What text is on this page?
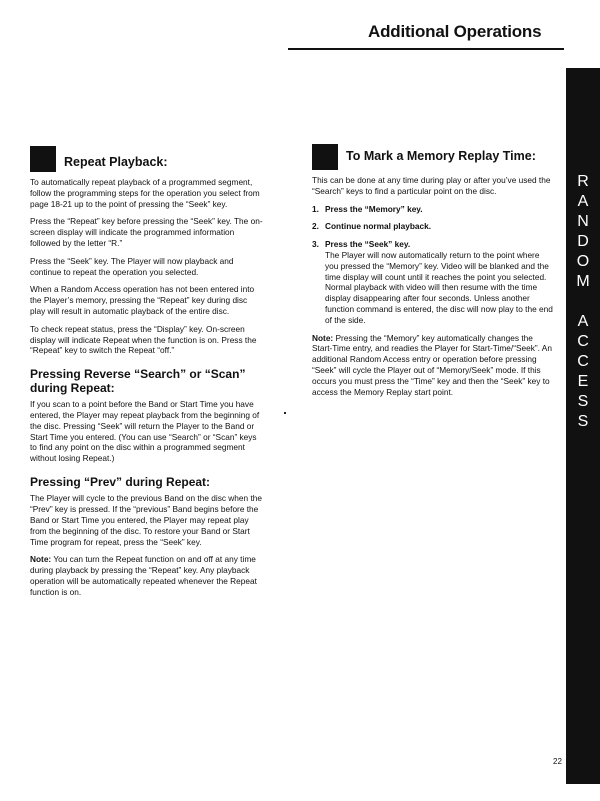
Additional Operations
R
A
N
D
O
M
A
C
C
E
S
S
Repeat Playback:

To automatically repeat playback of a programmed segment, follow the programming steps for the operation you select from page 18-21 up to the point of pressing the “Seek” key.

Press the “Repeat” key before pressing the “Seek” key. The on-screen display will indicate the programmed information followed by the letter “R.”

Press the “Seek” key. The Player will now playback and continue to repeat the operation you selected.

When a Random Access operation has not been entered into the Player’s memory, pressing the “Repeat” key during disc play will result in automatic playback of the entire disc.

To check repeat status, press the “Display” key. On-screen display will indicate Repeat when the function is on. Press the “Repeat” key to switch the Repeat “off.”

Pressing Reverse “Search” or “Scan” during Repeat:

If you scan to a point before the Band or Start Time you have entered, the Player may repeat playback from the beginning of the disc. Pressing “Seek” will return the Player to the Band or Start Time you entered. (You can use “Search” or “Scan” keys to find any point on the disc within a programmed segment without losing Repeat.)

Pressing “Prev” during Repeat:

The Player will cycle to the previous Band on the disc when the “Prev” key is pressed. If the “previous” Band begins before the Band or Start Time you entered, the Player may repeat play from the beginning of the disc. To restore your Band or Start Time program for repeat, press the “Seek” key.

Note: You can turn the Repeat function on and off at any time during playback by pressing the “Repeat” key. Any playback operation will be automatically repeated whenever the Repeat function is on.

To Mark a Memory Replay Time:

This can be done at any time during play or after you’ve used the “Search” keys to find a particular point on the disc.

1. Press the “Memory” key.
2. Continue normal playback.
3. Press the “Seek” key.
The Player will now automatically return to the point where you pressed the “Memory” key. Video will be blanked and the time display will count until it reaches the point you selected. Normal playback with video will then resume with the time display disappearing after four seconds. Unless another function command is entered, the disc will now play to the end of the side.

Note: Pressing the “Memory” key automatically changes the Start-Time entry, and readies the Player for Start-Time/“Seek”. An additional Random Access entry or operation before pressing “Seek” will cycle the Player out of “Memory/Seek” mode. If this occurs you must press the “Time” key and then the “Seek” key to access the Memory Replay start point.

22
